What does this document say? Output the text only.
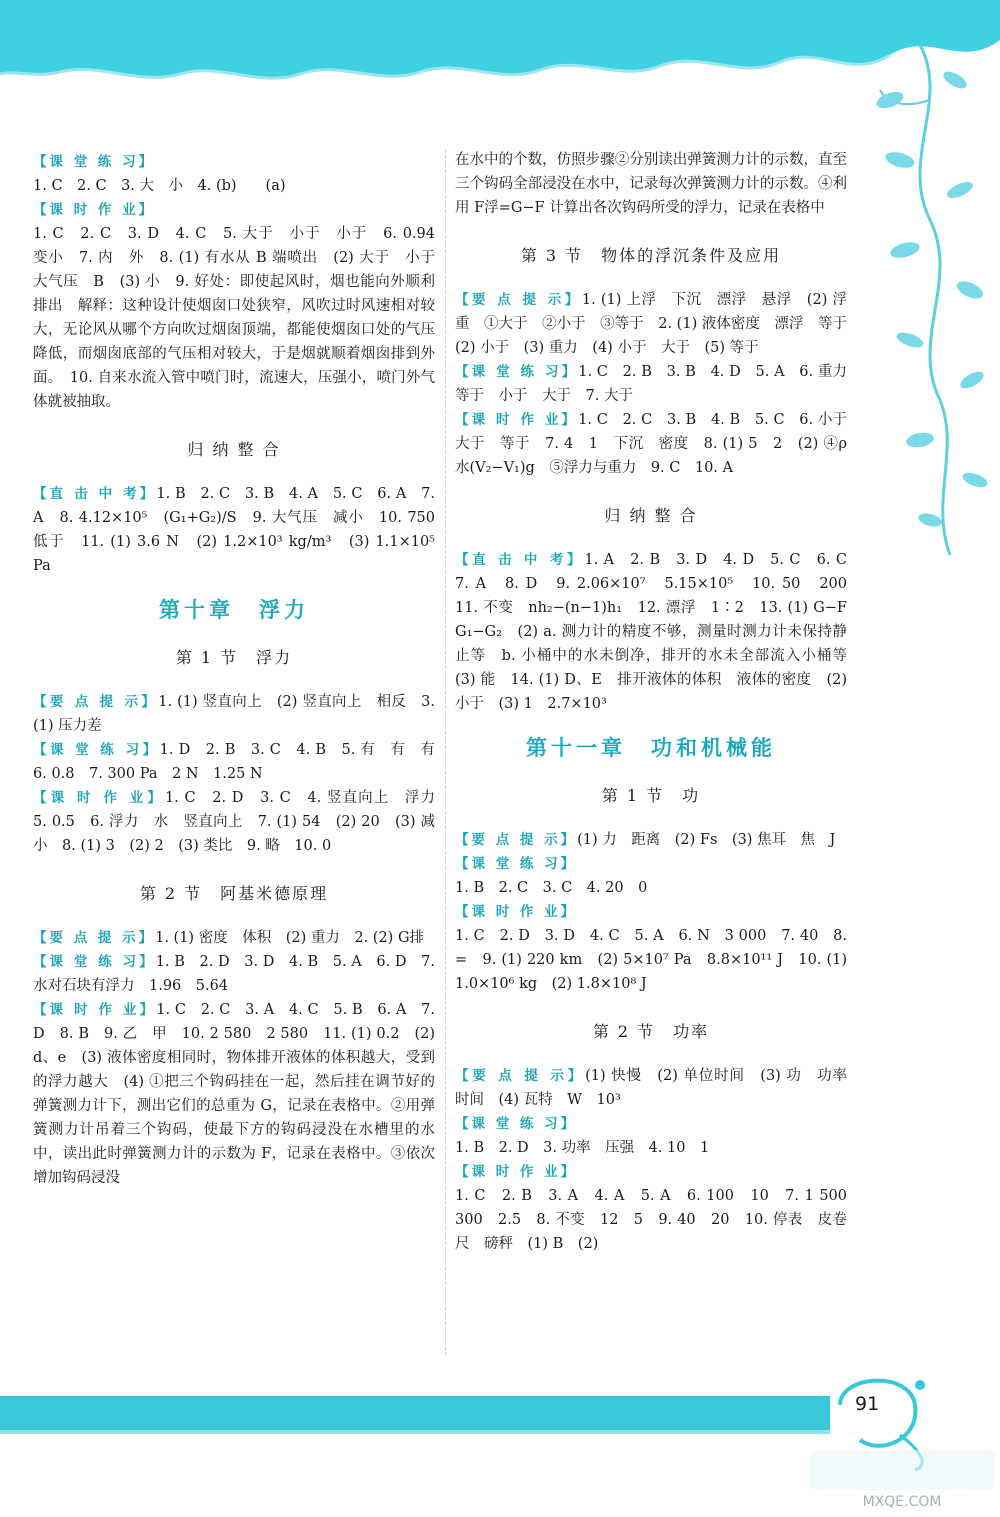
【课 堂 练 习】

1. C　2. C　3. 大　小　4. (b)　　(a)

【课 时 作 业】

1. C　2. C　3. D　4. C　5. 大于　小于　小于　6. 0.94　变小　7. 内　外　8. (1) 有水从 B 端喷出　(2) 大于　小于　大气压　B　(3) 小　9. 好处：即使起风时，烟也能向外顺利排出　解释：这种设计使烟囱口处狭窄，风吹过时风速相对较大，无论风从哪个方向吹过烟囱顶端，都能使烟囱口处的气压降低，而烟囱底部的气压相对较大，于是烟就顺着烟囱排到外面。　10. 自来水流入管中喷门时，流速大，压强小，喷门外气体就被抽取。

归 纳 整 合

【直 击 中 考】1. B　2. C　3. B　4. A　5. C　6. A　7. A　8. 4.12×10⁵　(G₁+G₂)/S　9. 大气压　减小　10. 750　低于　11. (1) 3.6 N　(2) 1.2×10³ kg/m³　(3) 1.1×10⁵ Pa

第十章　浮力
第 1 节　浮力

【要 点 提 示】1. (1) 竖直向上　(2) 竖直向上　相反　3. (1) 压力差

【课 堂 练 习】1. D　2. B　3. C　4. B　5. 有　有　有　6. 0.8　7. 300 Pa　2 N　1.25 N

【课 时 作 业】1. C　2. D　3. C　4. 竖直向上　浮力　5. 0.5　6. 浮力　水　竖直向上　7. (1) 54　(2) 20　(3) 减小　8. (1) 3　(2) 2　(3) 类比　9. 略　10. 0

第 2 节　阿基米德原理

【要 点 提 示】1. (1) 密度　体积　(2) 重力　2. (2) G排

【课 堂 练 习】1. B　2. D　3. D　4. B　5. A　6. D　7. 水对石块有浮力　1.96　5.64

【课 时 作 业】1. C　2. C　3. A　4. C　5. B　6. A　7. D　8. B　9. 乙　甲　10. 2 580　2 580　11. (1) 0.2　(2) d、e　(3) 液体密度相同时，物体排开液体的体积越大，受到的浮力越大　(4) ①把三个钩码挂在一起，然后挂在调节好的弹簧测力计下，测出它们的总重为 G，记录在表格中。②用弹簧测力计吊着三个钩码，使最下方的钩码浸没在水槽里的水中，读出此时弹簧测力计的示数为 F，记录在表格中。③依次增加钩码浸没

在水中的个数，仿照步骤②分别读出弹簧测力计的示数，直至三个钩码全部浸没在水中，记录每次弹簧测力计的示数。④利用 F浮=G−F 计算出各次钩码所受的浮力，记录在表格中

第 3 节　物体的浮沉条件及应用

【要 点 提 示】1. (1) 上浮　下沉　漂浮　悬浮　(2) 浮　重　①大于　②小于　③等于　2. (1) 液体密度　漂浮　等于　(2) 小于　(3) 重力　(4) 小于　大于　(5) 等于

【课 堂 练 习】1. C　2. B　3. B　4. D　5. A　6. 重力　等于　小于　大于　7. 大于

【课 时 作 业】1. C　2. C　3. B　4. B　5. C　6. 小于　大于　等于　7. 4　1　下沉　密度　8. (1) 5　2　(2) ④ρ水(V₂−V₁)g　⑤浮力与重力　9. C　10. A

归 纳 整 合

【直 击 中 考】1. A　2. B　3. D　4. D　5. C　6. C　7. A　8. D　9. 2.06×10⁷　5.15×10⁵　10. 50　200　11. 不变　nh₂−(n−1)h₁　12. 漂浮　1∶2　13. (1) G−F　G₁−G₂　(2) a. 测力计的精度不够，测量时测力计未保持静止等　b. 小桶中的水未倒净，排开的水未全部流入小桶等　(3) 能　14. (1) D、E　排开液体的体积　液体的密度　(2) 小于　(3) 1　2.7×10³

第十一章　功和机械能
第 1 节　功

【要 点 提 示】(1) 力　距离　(2) Fs　(3) 焦耳　焦　J

【课 堂 练 习】

1. B　2. C　3. C　4. 20　0

【课 时 作 业】

1. C　2. D　3. D　4. C　5. A　6. N　3 000　7. 40　8. =　9. (1) 220 km　(2) 5×10⁷ Pa　8.8×10¹¹ J　10. (1) 1.0×10⁶ kg　(2) 1.8×10⁸ J

第 2 节　功率

【要 点 提 示】(1) 快慢　(2) 单位时间　(3) 功　功率　时间　(4) 瓦特　W　10³

【课 堂 练 习】

1. B　2. D　3. 功率　压强　4. 10　1

【课 时 作 业】

1. C　2. B　3. A　4. A　5. A　6. 100　10　7. 1 500　300　2.5　8. 不变　12　5　9. 40　20　10. 停表　皮卷尺　磅秤　(1) B　(2)

91
MXQE.COM
